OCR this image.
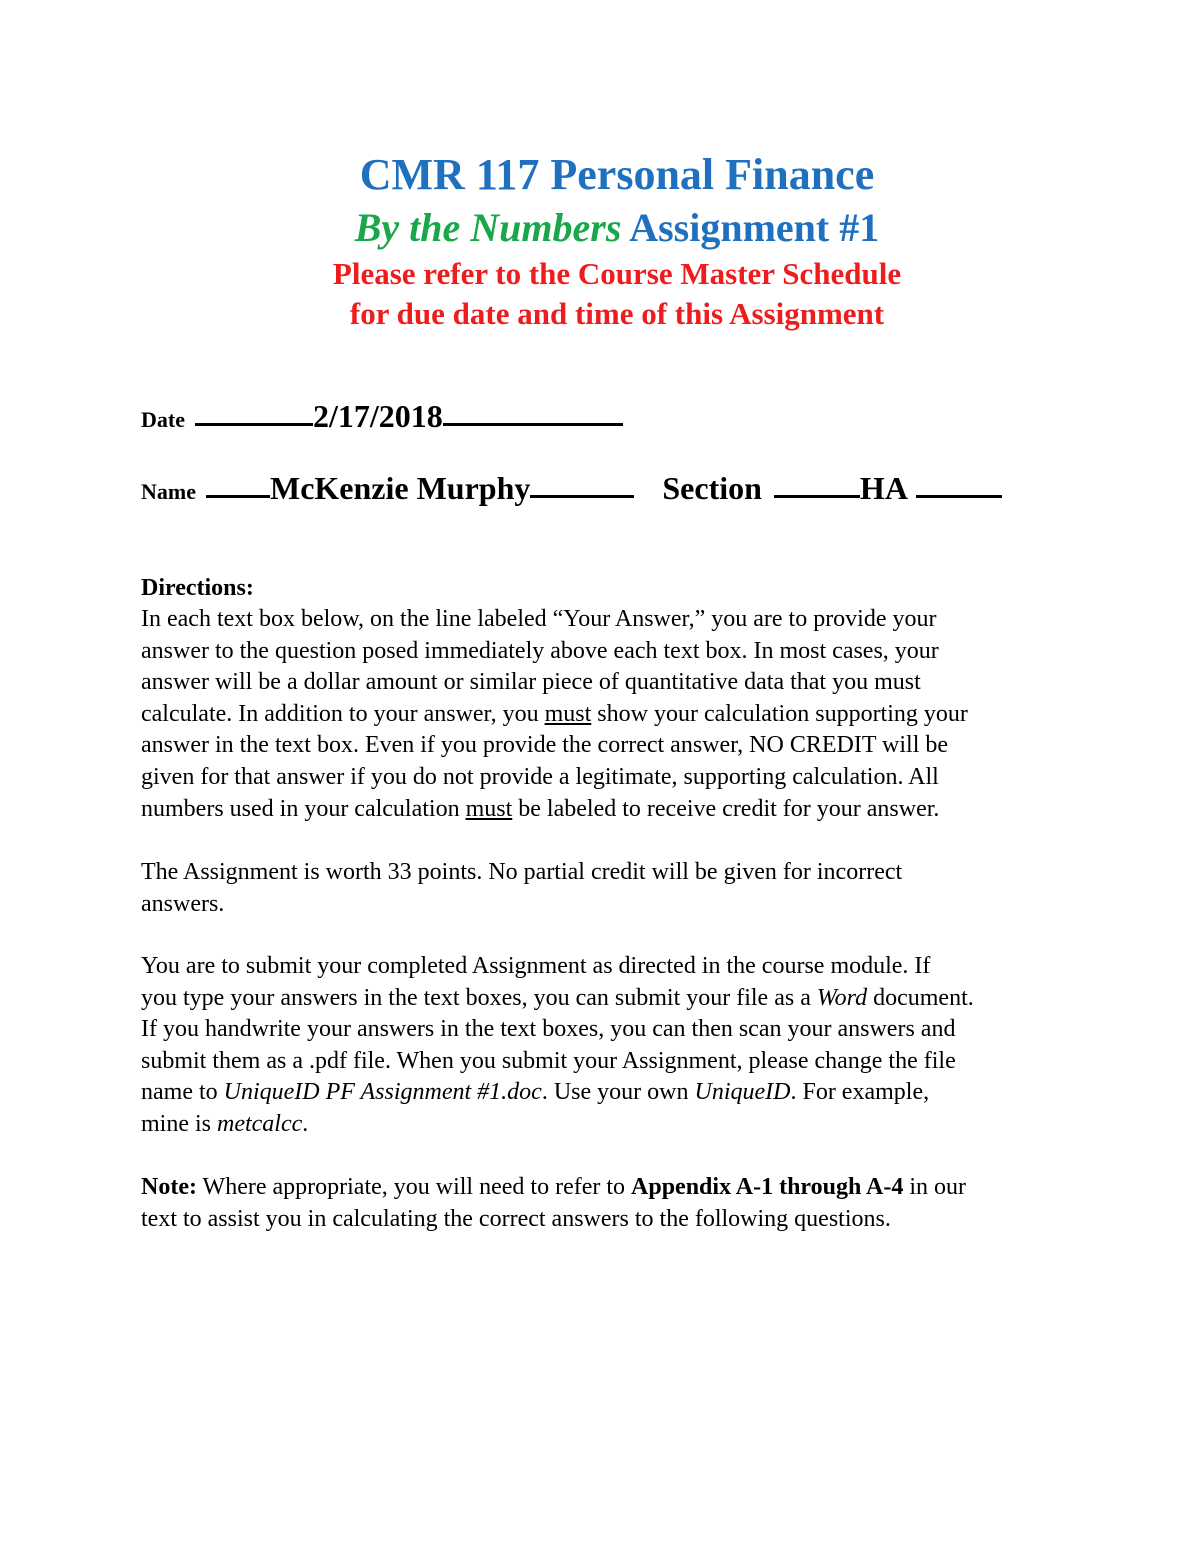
CMR 117 Personal Finance
By the Numbers Assignment #1
Please refer to the Course Master Schedule
for due date and time of this Assignment
Date	2/17/2018
Name McKenzie Murphy	Section	HA
Directions:
In each text box below, on the line labeled “Your Answer,” you are to provide your
answer to the question posed immediately above each text box. In most cases, your
answer will be a dollar amount or similar piece of quantitative data that you must
calculate. In addition to your answer, you must show your calculation supporting your
answer in the text box. Even if you provide the correct answer, NO CREDIT will be
given for that answer if you do not provide a legitimate, supporting calculation. All
numbers used in your calculation must be labeled to receive credit for your answer.
The Assignment is worth 33 points. No partial credit will be given for incorrect
answers.
You are to submit your completed Assignment as directed in the course module. If
you type your answers in the text boxes, you can submit your file as a Word document.
If you handwrite your answers in the text boxes, you can then scan your answers and
submit them as a .pdf file. When you submit your Assignment, please change the file
name to UniqueID PF Assignment #1.doc. Use your own UniqueID. For example,
mine is metcalcc.
Note: Where appropriate, you will need to refer to Appendix A-1 through A-4 in our
text to assist you in calculating the correct answers to the following questions.
